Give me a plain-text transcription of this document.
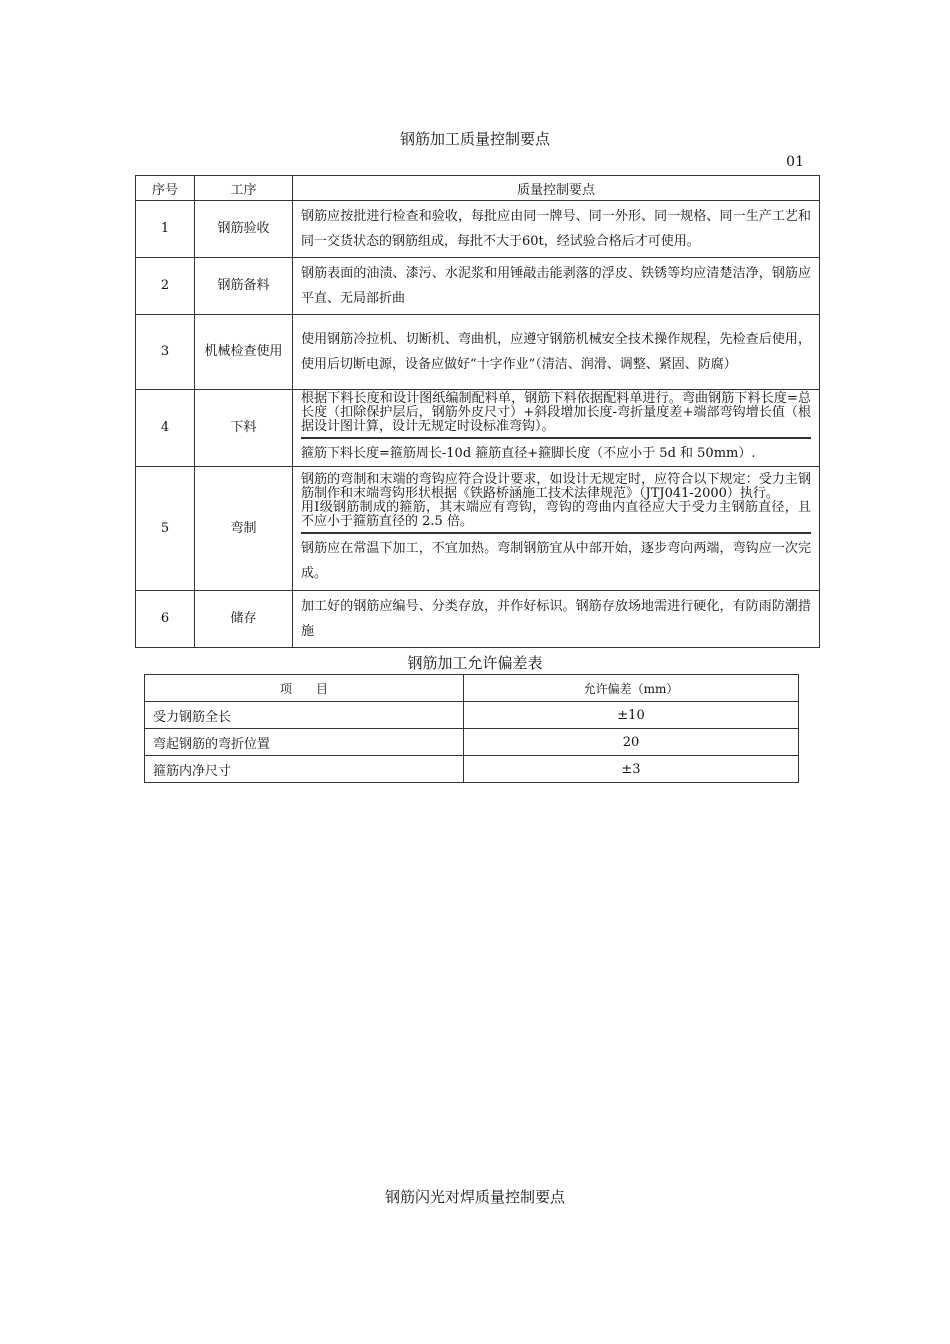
钢筋加工质量控制要点
01
序号	工序	质量控制要点
1	钢筋验收	钢筋应按批进行检查和验收，每批应由同一牌号、同一外形、同一规格、同一生产工艺和同一交货状态的钢筋组成，每批不大于60t，经试验合格后才可使用。
2	钢筋备料	钢筋表面的油渍、漆污、水泥浆和用锤敲击能剥落的浮皮、铁锈等均应清楚洁净，钢筋应平直、无局部折曲
3	机械检查使用	使用钢筋冷拉机、切断机、弯曲机，应遵守钢筋机械安全技术操作规程，先检查后使用，使用后切断电源，设备应做好“十字作业”（清洁、润滑、调整、紧固、防腐）
4	下料	根据下料长度和设计图纸编制配料单，钢筋下料依据配料单进行。弯曲钢筋下料长度=总长度（扣除保护层后，钢筋外皮尺寸）+斜段增加长度-弯折量度差+端部弯钩增长值（根据设计图计算，设计无规定时设标准弯钩）。
箍筋下料长度=箍筋周长-10d 箍筋直径+箍脚长度（不应小于 5d 和 50mm）.

5	弯制	钢筋的弯制和末端的弯钩应符合设计要求，如设计无规定时，应符合以下规定：受力主钢筋制作和末端弯钩形状根据《铁路桥涵施工技术法律规范》（JTJ041-2000）执行。
用Ⅰ级钢筋制成的箍筋，其末端应有弯钩，弯钩的弯曲内直径应大于受力主钢筋直径，且不应小于箍筋直径的 2.5 倍。
钢筋应在常温下加工，不宜加热。弯制钢筋宜从中部开始，逐步弯向两端，弯钩应一次完成。

6	储存	加工好的钢筋应编号、分类存放，并作好标识。钢筋存放场地需进行硬化，有防雨防潮措施
钢筋加工允许偏差表
项　　目	允许偏差（mm）
受力钢筋全长	±10
弯起钢筋的弯折位置	20
箍筋内净尺寸	±3
钢筋闪光对焊质量控制要点
